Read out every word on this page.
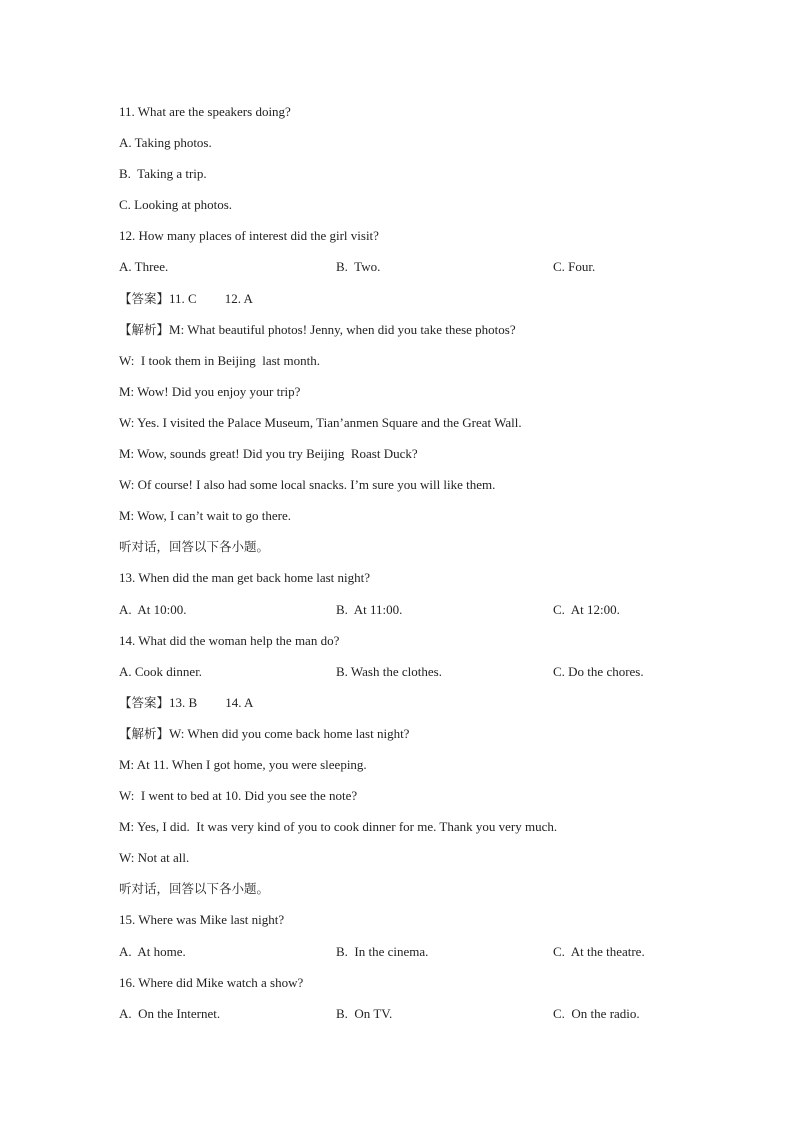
11. What are the speakers doing?
A. Taking photos.
B.  Taking a trip.
C. Looking at photos.
12. How many places of interest did the girl visit?
A. Three.	B.  Two.	C. Four.
【答案】11. C 12. A
【解析】M: What beautiful photos! Jenny, when did you take these photos?
W:  I took them in Beijing  last month.
M: Wow! Did you enjoy your trip?
W: Yes. I visited the Palace Museum, Tian’anmen Square and the Great Wall.
M: Wow, sounds great! Did you try Beijing  Roast Duck?
W: Of course! I also had some local snacks. I’m sure you will like them.
M: Wow, I can’t wait to go there.
听对话，回答以下各小题。
13. When did the man get back home last night?
A.  At 10:00.	B.  At 11:00.	C.  At 12:00.
14. What did the woman help the man do?
A. Cook dinner.	B. Wash the clothes.	C. Do the chores.
【答案】13. B 14. A
【解析】W: When did you come back home last night?
M: At 11. When I got home, you were sleeping.
W:  I went to bed at 10. Did you see the note?
M: Yes, I did.  It was very kind of you to cook dinner for me. Thank you very much.
W: Not at all.
听对话，回答以下各小题。
15. Where was Mike last night?
A.  At home.	B.  In the cinema.	C.  At the theatre.
16. Where did Mike watch a show?
A.  On the Internet.	B.  On TV.	C.  On the radio.
